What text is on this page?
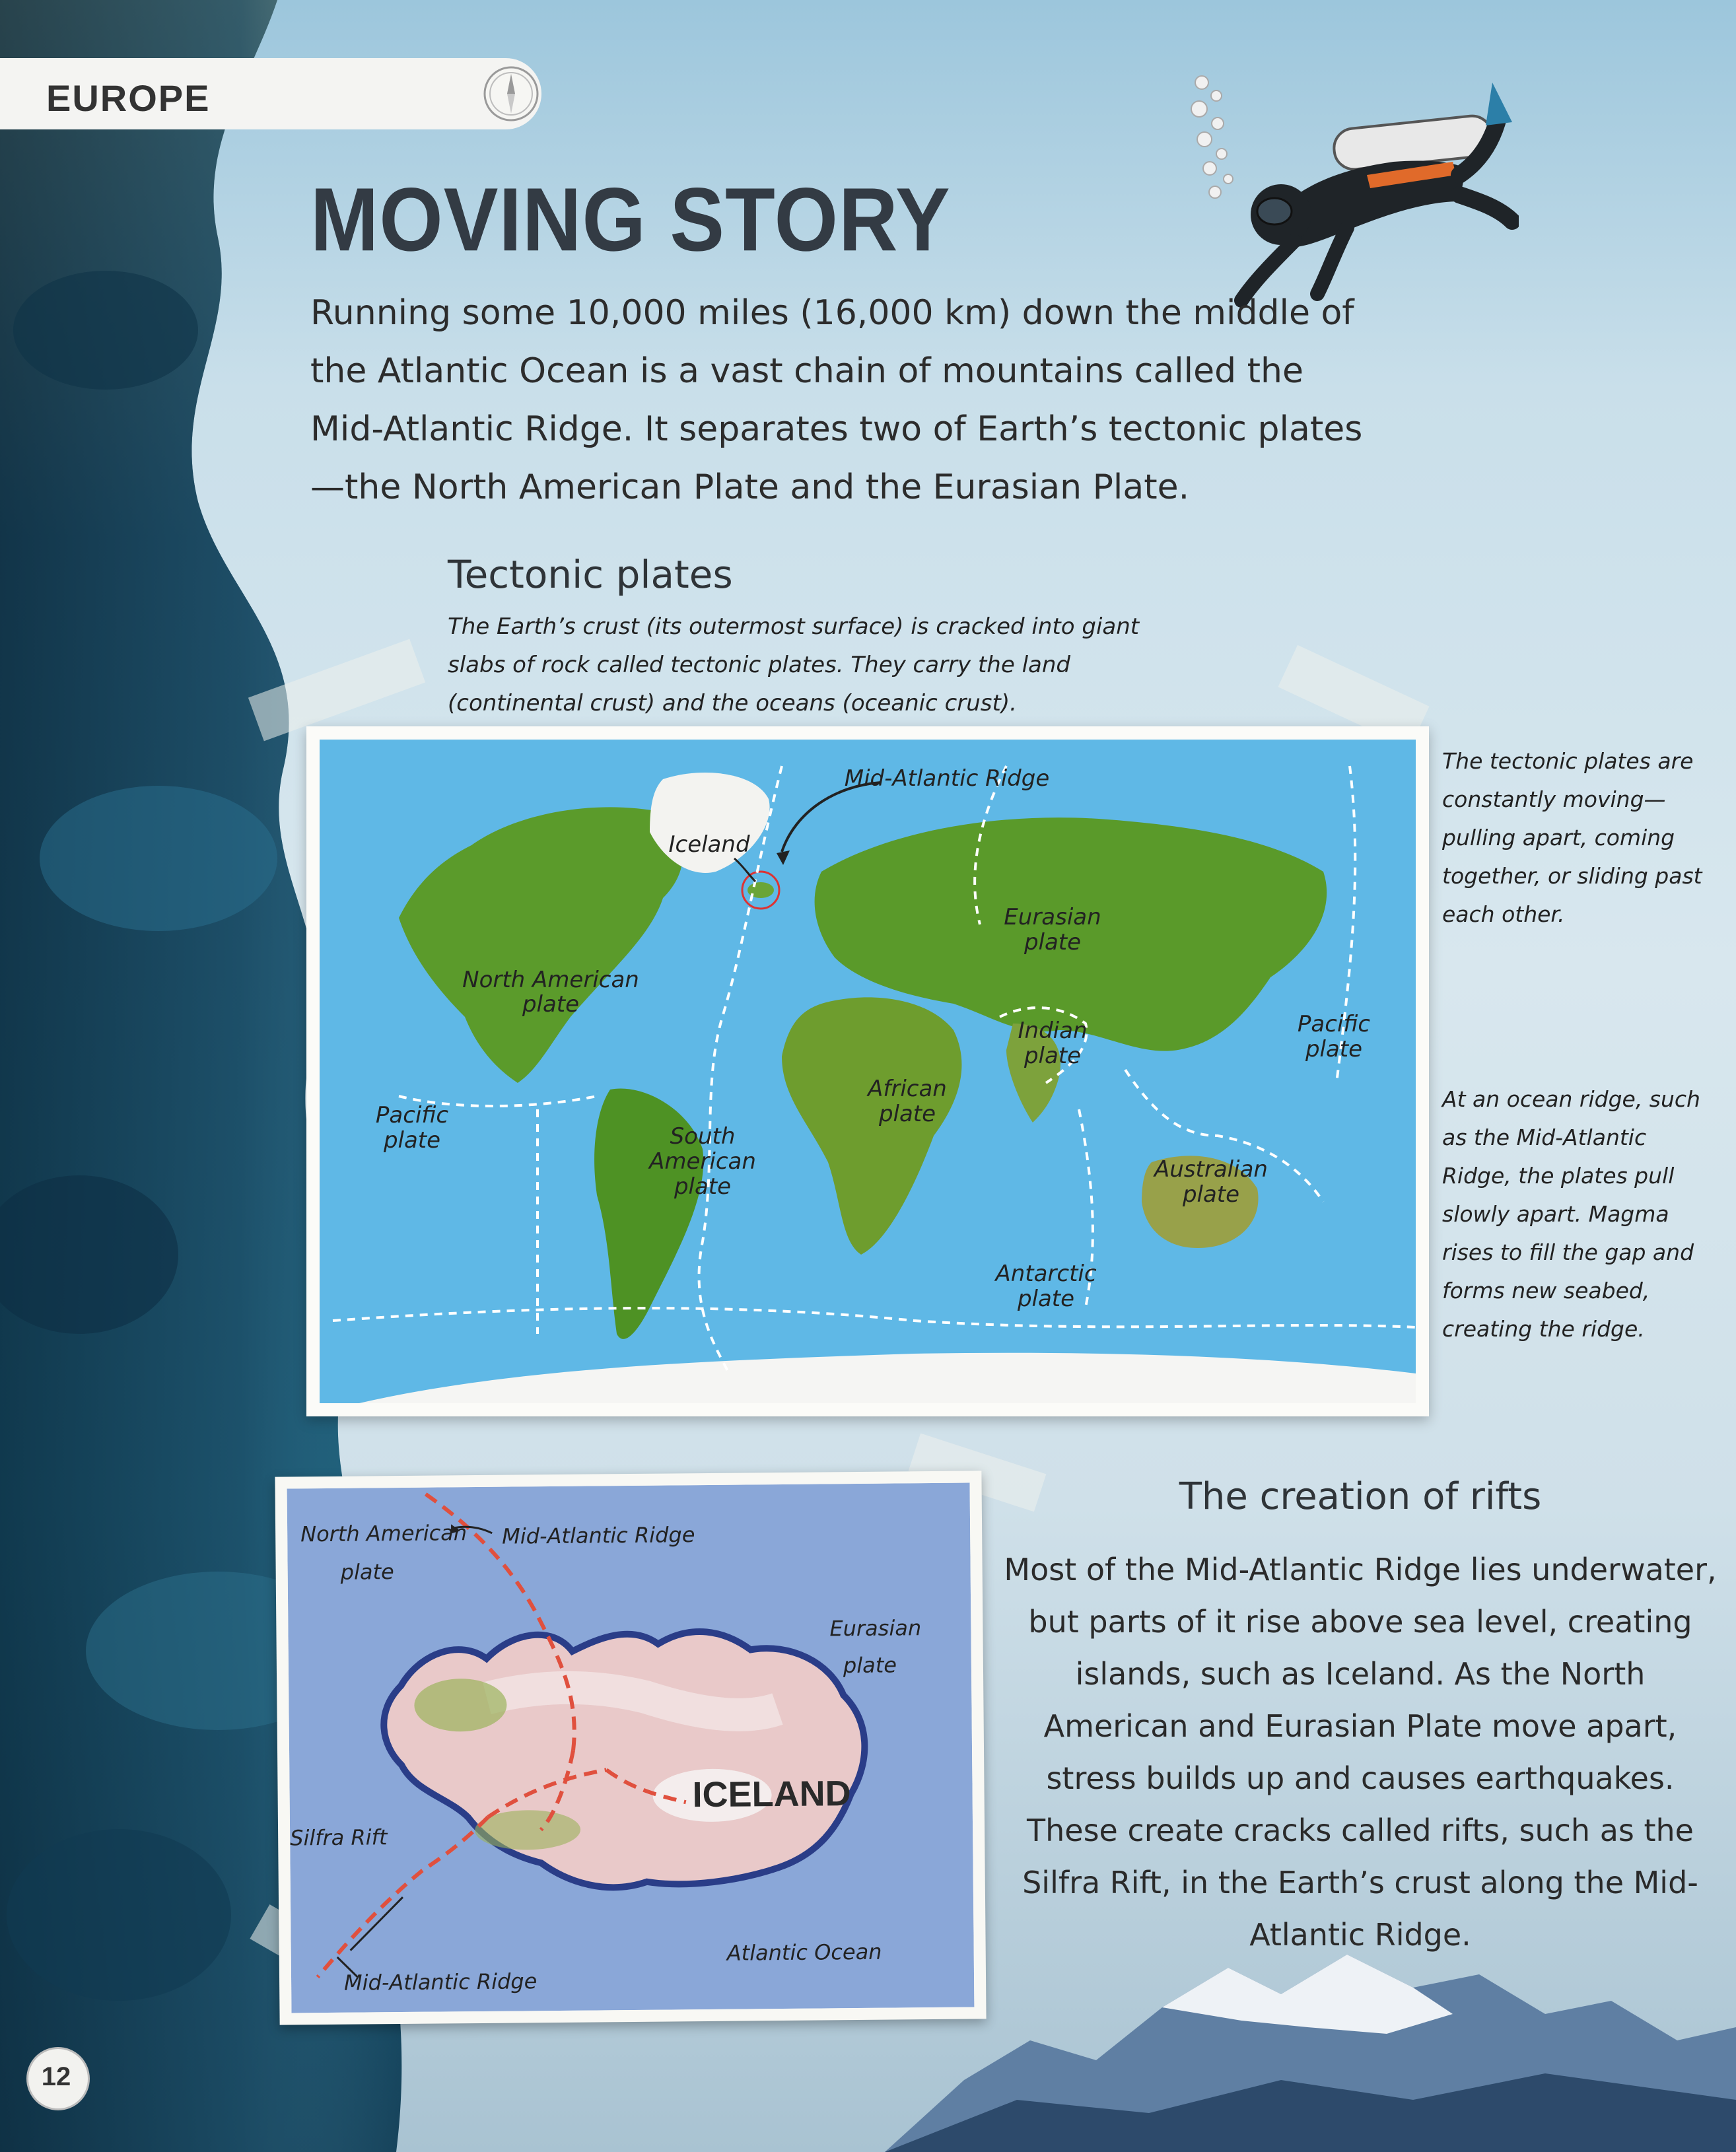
EUROPE
MOVING STORY
Running some 10,000 miles (16,000 km) down the middle of the Atlantic Ocean is a vast chain of mountains called the Mid-Atlantic Ridge. It separates two of Earth’s tectonic plates—the North American Plate and the Eurasian Plate.
Tectonic plates
The Earth’s crust (its outermost surface) is cracked into giant slabs of rock called tectonic plates. They carry the land (continental crust) and the oceans (oceanic crust).
Mid-Atlantic Ridge
Iceland
North American
plate
Eurasian
plate
Indian
plate
Pacific
plate
Pacific
plate
African
plate
South
American
plate
Australian
plate
Antarctic
plate
The tectonic plates are constantly moving—pulling apart, coming together, or sliding past each other.
At an ocean ridge, such as the Mid-Atlantic Ridge, the plates pull slowly apart. Magma rises to fill the gap and forms new seabed, creating the ridge.
North American
plate
Mid-Atlantic Ridge
Eurasian
plate
Silfra Rift
Mid-Atlantic Ridge
Atlantic Ocean
ICELAND
The creation of rifts
Most of the Mid-Atlantic Ridge lies underwater, but parts of it rise above sea level, creating islands, such as Iceland. As the North American and Eurasian Plate move apart, stress builds up and causes earthquakes. These create cracks called rifts, such as the Silfra Rift, in the Earth’s crust along the Mid-Atlantic Ridge.
12
